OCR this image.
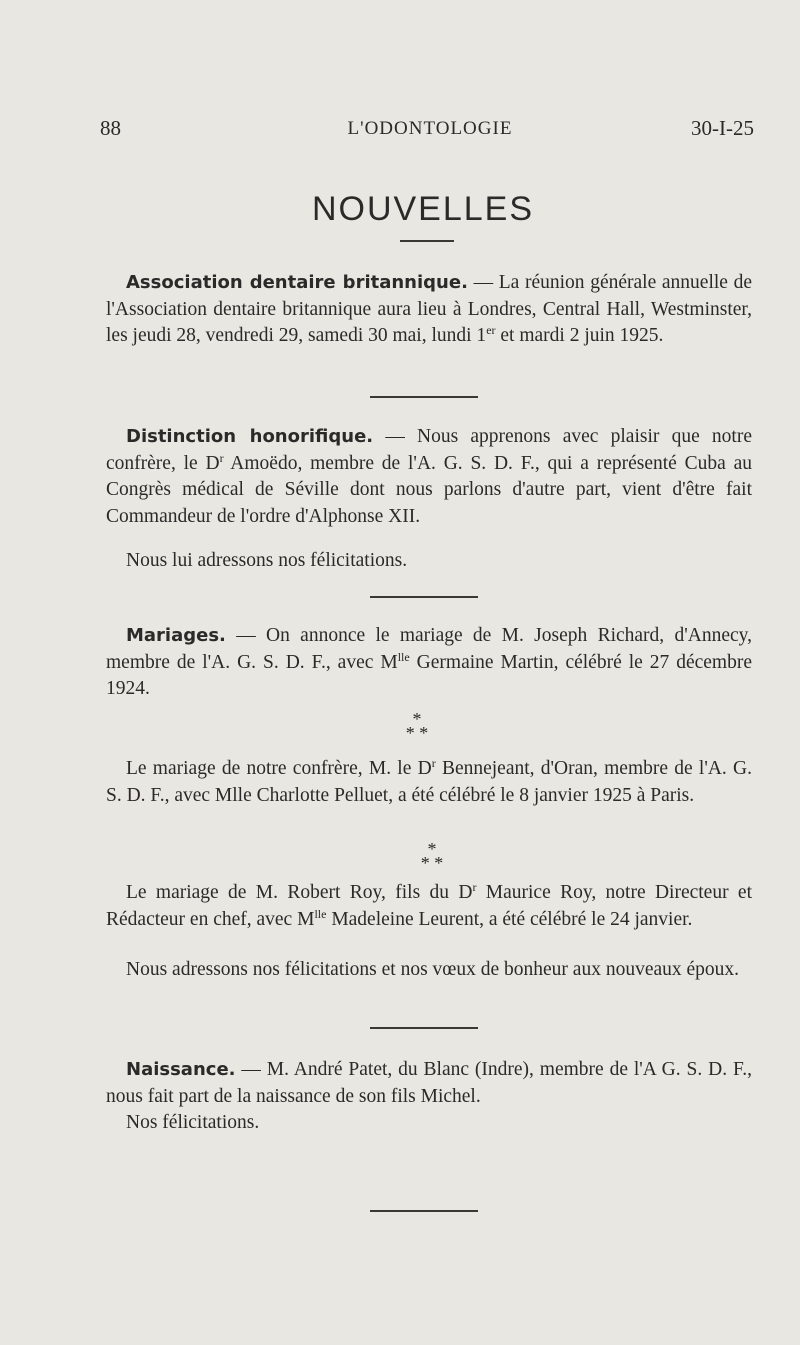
88	L'ODONTOLOGIE	30-I-25
NOUVELLES

Association dentaire britannique. — La réunion générale annuelle de l'Association dentaire britannique aura lieu à Londres, Central Hall, Westminster, les jeudi 28, vendredi 29, samedi 30 mai, lundi 1er et mardi 2 juin 1925.

Distinction honorifique. — Nous apprenons avec plaisir que notre confrère, le $D^r$ Amoëdo, membre de l'A. G. S. D. F., qui a représenté Cuba au Congrès médical de Séville dont nous parlons d'autre part, vient d'être fait Commandeur de l'ordre d'Alphonse XII.

Nous lui adressons nos félicitations.

Mariages. — On annonce le mariage de M. Joseph Richard, d'Annecy, membre de l'A. G. S. D. F., avec $M^{lle}$ Germaine Martin, célébré le 27 décembre 1924.

*
* *

Le mariage de notre confrère, M. le $D^r$ Bennejeant, d'Oran, membre de l'A. G. S. D. F., avec Mlle Charlotte Pelluet, a été célébré le 8 janvier 1925 à Paris.

*
* *

Le mariage de M. Robert Roy, fils du $D^r$ Maurice Roy, notre Directeur et Rédacteur en chef, avec $M^{lle}$ Madeleine Leurent, a été célébré le 24 janvier.

Nous adressons nos félicitations et nos vœux de bonheur aux nouveaux époux.

Naissance. — M. André Patet, du Blanc (Indre), membre de l'A G. S. D. F., nous fait part de la naissance de son fils Michel.

Nos félicitations.
